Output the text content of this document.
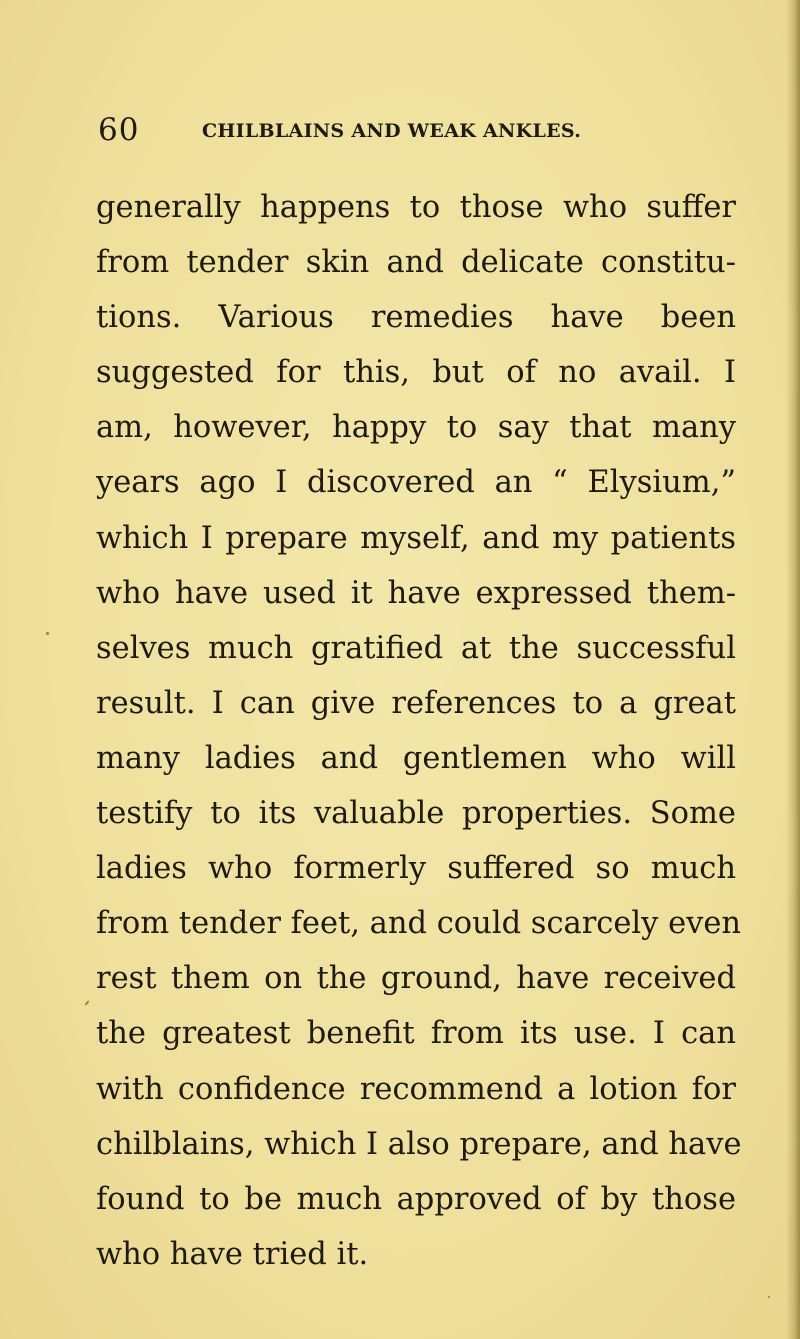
60	CHILBLAINS AND WEAK ANKLES.
generally happens to those who suffer
from tender skin and delicate constitu-
tions. Various remedies have been
suggested for this, but of no avail. I
am, however, happy to say that many
years ago I discovered an “ Elysium,”
which I prepare myself, and my patients
who have used it have expressed them-
selves much gratified at the successful
result. I can give references to a great
many ladies and gentlemen who will
testify to its valuable properties. Some
ladies who formerly suffered so much
from tender feet, and could scarcely even
rest them on the ground, have received
the greatest benefit from its use. I can
with confidence recommend a lotion for
chilblains, which I also prepare, and have
found to be much approved of by those
who have tried it.
